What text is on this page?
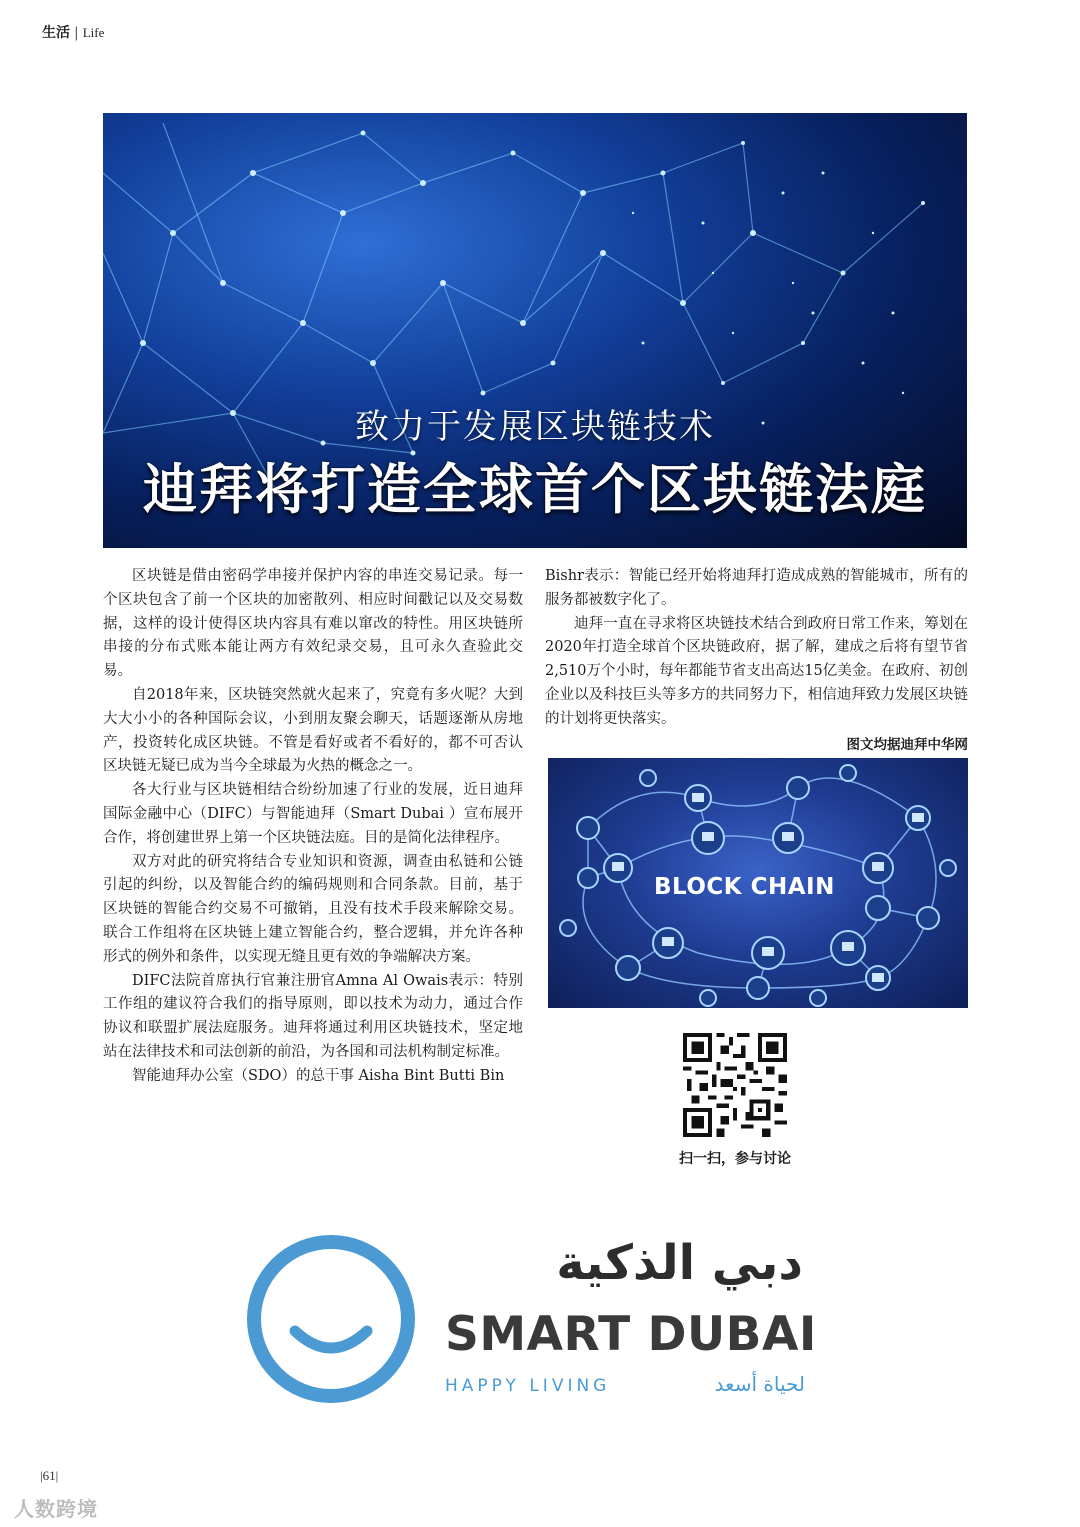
生活 | Life
致力于发展区块链技术
迪拜将打造全球首个区块链法庭

区块链是借由密码学串接并保护内容的串连交易记录。每一个区块包含了前一个区块的加密散列、相应时间戳记以及交易数据，这样的设计使得区块内容具有难以窜改的特性。用区块链所串接的分布式账本能让两方有效纪录交易，且可永久查验此交易。

自2018年来，区块链突然就火起来了，究竟有多火呢？大到大大小小的各种国际会议，小到朋友聚会聊天，话题逐渐从房地产，投资转化成区块链。不管是看好或者不看好的，都不可否认区块链无疑已成为当今全球最为火热的概念之一。

各大行业与区块链相结合纷纷加速了行业的发展，近日迪拜国际金融中心（DIFC）与智能迪拜（Smart Dubai ）宣布展开合作，将创建世界上第一个区块链法庭。目的是简化法律程序。

双方对此的研究将结合专业知识和资源，调查由私链和公链引起的纠纷，以及智能合约的编码规则和合同条款。目前，基于区块链的智能合约交易不可撤销，且没有技术手段来解除交易。联合工作组将在区块链上建立智能合约，整合逻辑，并允许各种形式的例外和条件，以实现无缝且更有效的争端解决方案。

DIFC法院首席执行官兼注册官Amna Al Owais表示：特别工作组的建议符合我们的指导原则，即以技术为动力，通过合作协议和联盟扩展法庭服务。迪拜将通过利用区块链技术，坚定地站在法律技术和司法创新的前沿，为各国和司法机构制定标准。

智能迪拜办公室（SDO）的总干事 Aisha Bint Butti Bin

Bishr表示：智能已经开始将迪拜打造成成熟的智能城市，所有的服务都被数字化了。

迪拜一直在寻求将区块链技术结合到政府日常工作来，筹划在2020年打造全球首个区块链政府，据了解，建成之后将有望节省2,510万个小时，每年都能节省支出高达15亿美金。在政府、初创企业以及科技巨头等多方的共同努力下，相信迪拜致力发展区块链的计划将更快落实。

图文均据迪拜中华网

BLOCK CHAIN
扫一扫，参与讨论
دبي الذكية
SMART DUBAI
HAPPY LIVING	لحياة أسعد
|61|
人数跨境
